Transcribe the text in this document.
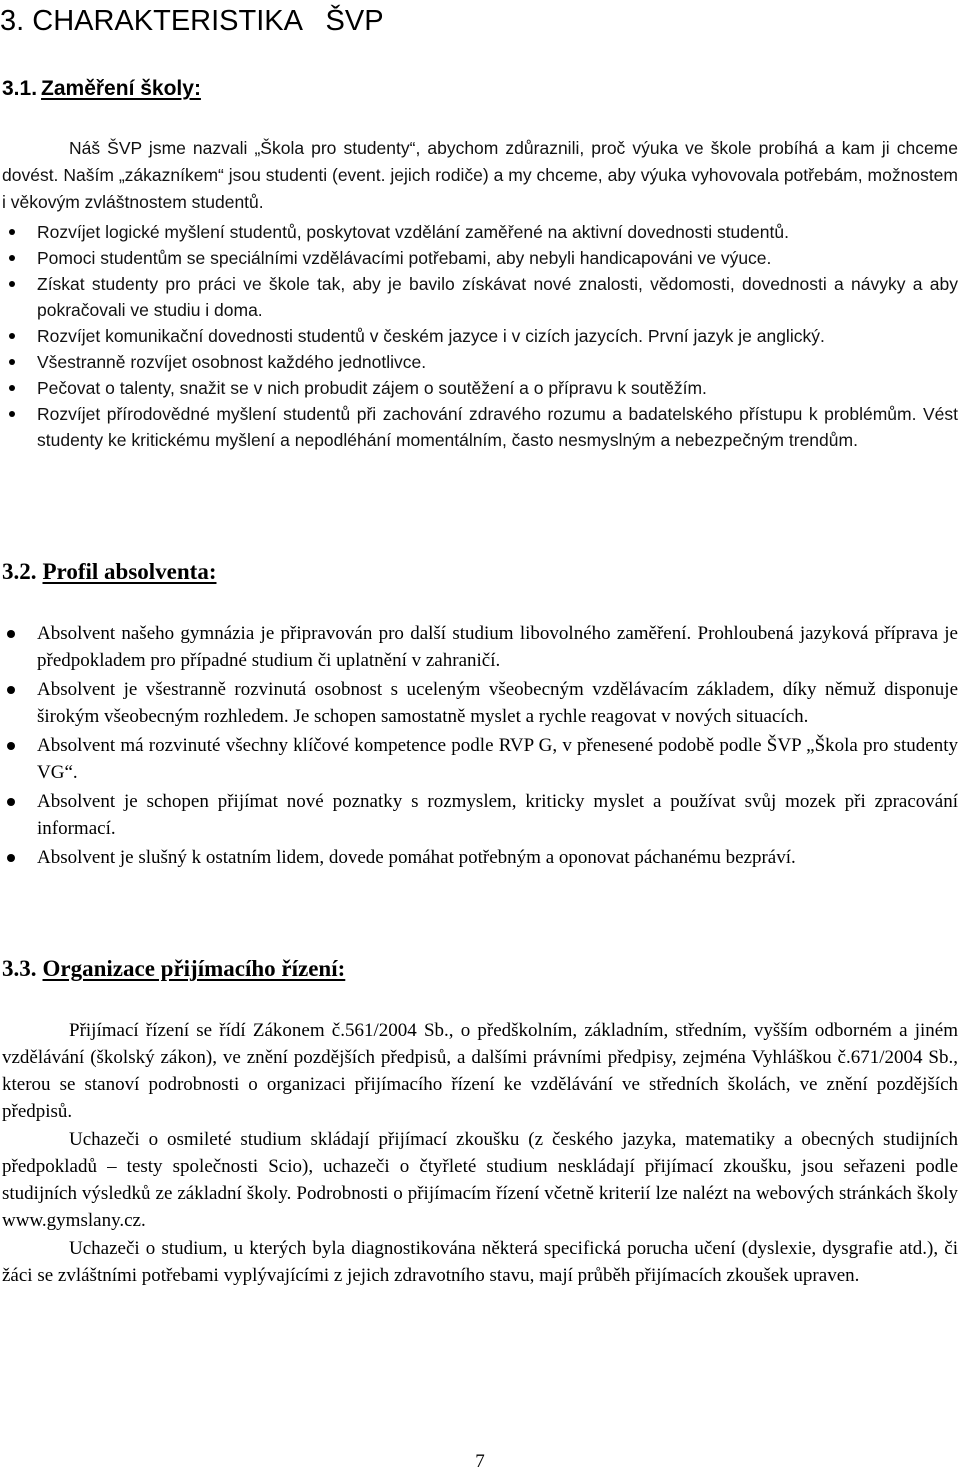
3. CHARAKTERISTIKA   ŠVP
3.1. Zaměření školy:
Náš ŠVP jsme nazvali „Škola pro studenty“, abychom zdůraznili, proč výuka ve škole probíhá a kam ji chceme dovést. Naším „zákazníkem“ jsou studenti (event. jejich rodiče) a my chceme, aby výuka vyhovovala potřebám, možnostem i věkovým zvláštnostem studentů.
Rozvíjet logické myšlení studentů, poskytovat vzdělání zaměřené na aktivní dovednosti studentů.
Pomoci studentům se speciálními vzdělávacími potřebami, aby nebyli handicapováni ve výuce.
Získat studenty pro práci ve škole tak, aby je bavilo získávat nové znalosti, vědomosti, dovednosti a návyky a aby pokračovali ve studiu i doma.
Rozvíjet komunikační dovednosti studentů v českém jazyce i v cizích jazycích. První jazyk je anglický.
Všestranně rozvíjet osobnost každého jednotlivce.
Pečovat o talenty, snažit se v nich probudit zájem o soutěžení a o přípravu k soutěžím.
Rozvíjet přírodovědné myšlení studentů při zachování zdravého rozumu a badatelského přístupu k problémům. Vést studenty ke kritickému myšlení a nepodléhání momentálním, často nesmyslným a nebezpečným trendům.
3.2. Profil absolventa:
Absolvent našeho gymnázia je připravován pro další studium libovolného zaměření. Prohloubená jazyková příprava je předpokladem pro případné studium či uplatnění v zahraničí.
Absolvent je všestranně rozvinutá osobnost s uceleným všeobecným vzdělávacím základem, díky němuž disponuje širokým všeobecným rozhledem. Je schopen samostatně myslet a rychle reagovat v nových situacích.
Absolvent má rozvinuté všechny klíčové kompetence podle RVP G, v přenesené podobě podle ŠVP „Škola pro studenty VG“.
Absolvent je schopen přijímat nové poznatky s rozmyslem, kriticky myslet a používat svůj mozek při zpracování informací.
Absolvent je slušný k ostatním lidem, dovede pomáhat potřebným a oponovat páchanému bezpráví.
3.3. Organizace přijímacího řízení:
Přijímací řízení se řídí Zákonem č.561/2004 Sb., o předškolním, základním, středním, vyšším odborném a jiném vzdělávání (školský zákon), ve znění pozdějších předpisů, a dalšími právními předpisy, zejména Vyhláškou č.671/2004 Sb., kterou se stanoví podrobnosti o organizaci přijímacího řízení ke vzdělávání ve středních školách, ve znění pozdějších předpisů.
Uchazeči o osmileté studium skládají přijímací zkoušku (z českého jazyka, matematiky a obecných studijních předpokladů – testy společnosti Scio), uchazeči o čtyřleté studium neskládají přijímací zkoušku, jsou seřazeni podle studijních výsledků ze základní školy. Podrobnosti o přijímacím řízení včetně kriterií lze nalézt na webových stránkách školy www.gymslany.cz.
Uchazeči o studium, u kterých byla diagnostikována některá specifická porucha učení (dyslexie, dysgrafie atd.), či žáci se zvláštními potřebami vyplývajícími z jejich zdravotního stavu, mají průběh přijímacích zkoušek upraven.
7
